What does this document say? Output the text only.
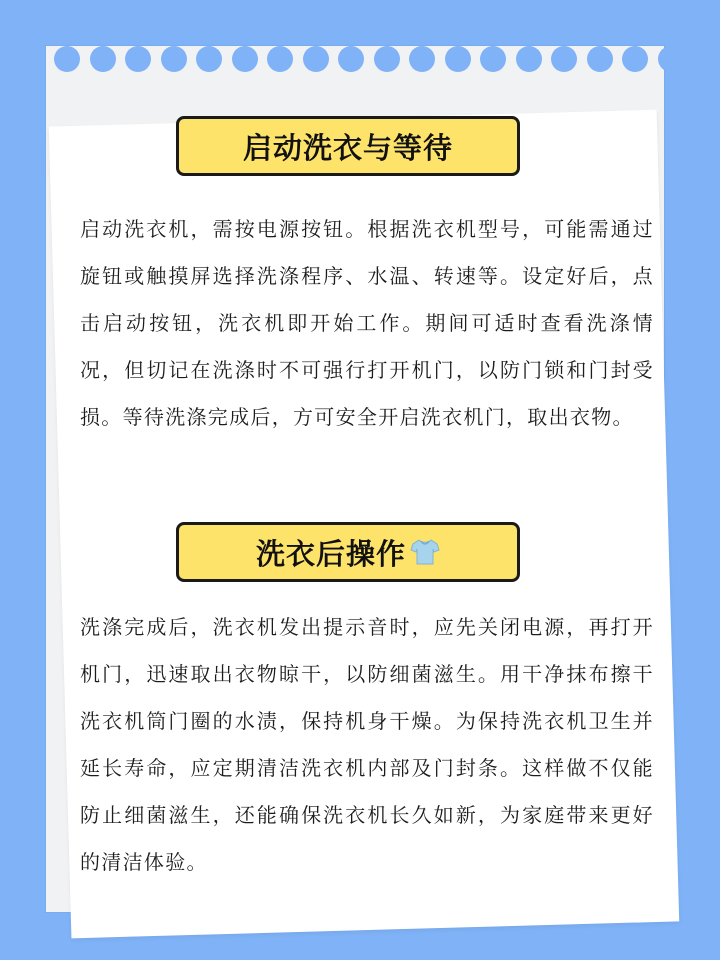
启动洗衣与等待

启动洗衣机，需按电源按钮。根据洗衣机型号，可能需通过旋钮或触摸屏选择洗涤程序、水温、转速等。设定好后，点击启动按钮，洗衣机即开始工作。期间可适时查看洗涤情况，但切记在洗涤时不可强行打开机门，以防门锁和门封受损。等待洗涤完成后，方可安全开启洗衣机门，取出衣物。

洗衣后操作

洗涤完成后，洗衣机发出提示音时，应先关闭电源，再打开机门，迅速取出衣物晾干，以防细菌滋生。用干净抹布擦干洗衣机筒门圈的水渍，保持机身干燥。为保持洗衣机卫生并延长寿命，应定期清洁洗衣机内部及门封条。这样做不仅能防止细菌滋生，还能确保洗衣机长久如新，为家庭带来更好的清洁体验。
